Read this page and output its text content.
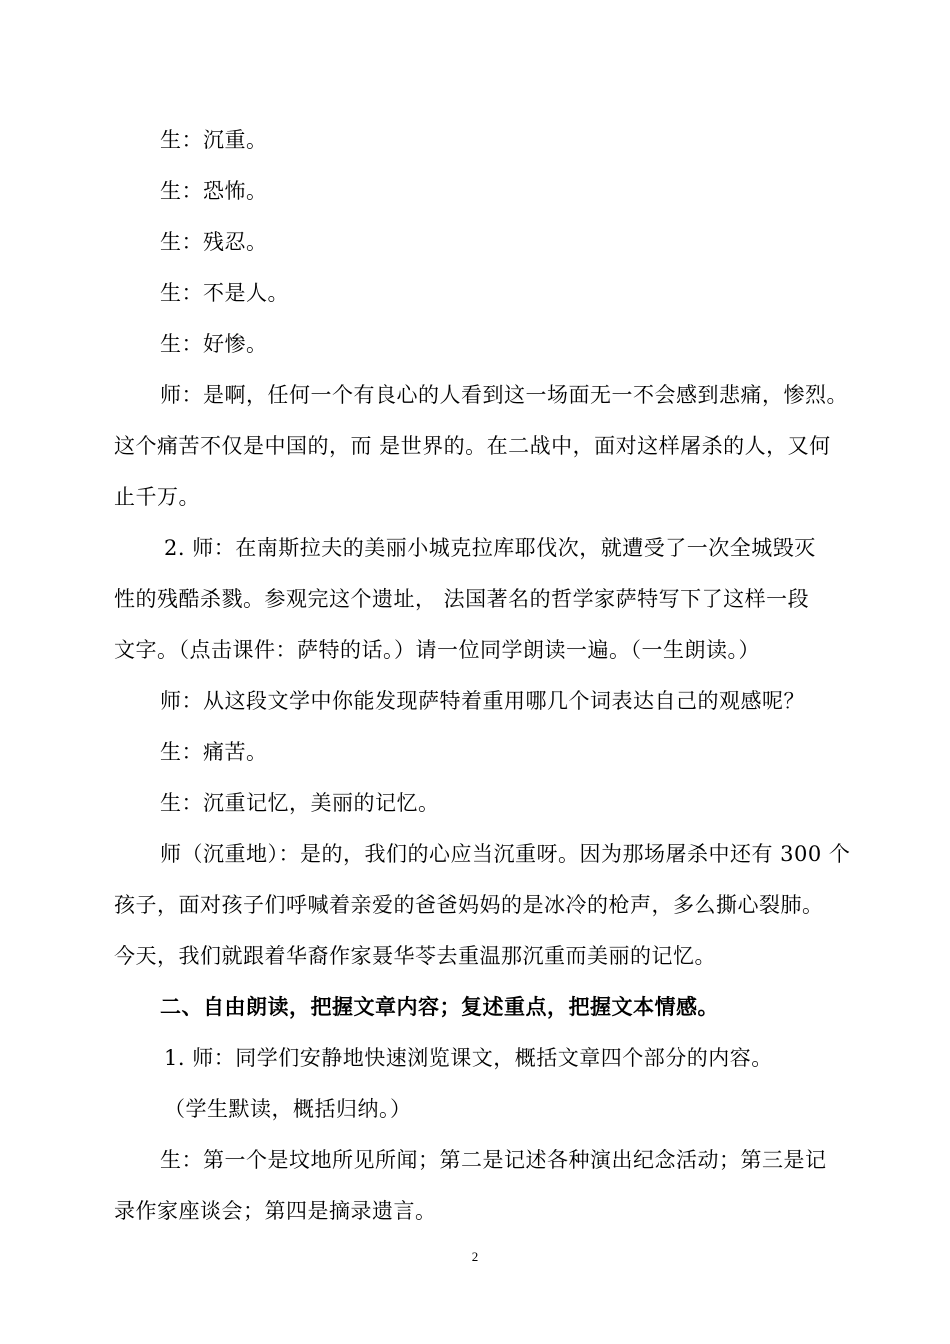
生：沉重。
生：恐怖。
生：残忍。
生：不是人。
生：好惨。
师：是啊，任何一个有良心的人看到这一场面无一不会感到悲痛，惨烈。
这个痛苦不仅是中国的，而 是世界的。在二战中，面对这样屠杀的人，又何
止千万。
2. 师：在南斯拉夫的美丽小城克拉库耶伐次，就遭受了一次全城毁灭
性的残酷杀戮。参观完这个遗址， 法国著名的哲学家萨特写下了这样一段
文字。（点击课件：萨特的话。）请一位同学朗读一遍。（一生朗读。）
师：从这段文学中你能发现萨特着重用哪几个词表达自己的观感呢？
生：痛苦。
生：沉重记忆，美丽的记忆。
师（沉重地）：是的，我们的心应当沉重呀。因为那场屠杀中还有 300 个
孩子，面对孩子们呼喊着亲爱的爸爸妈妈的是冰冷的枪声，多么撕心裂肺。
今天，我们就跟着华裔作家聂华苓去重温那沉重而美丽的记忆。
二、自由朗读，把握文章内容；复述重点，把握文本情感。
1. 师：同学们安静地快速浏览课文，概括文章四个部分的内容。
（学生默读，概括归纳。）
生：第一个是坟地所见所闻；第二是记述各种演出纪念活动；第三是记
录作家座谈会；第四是摘录遗言。
2
